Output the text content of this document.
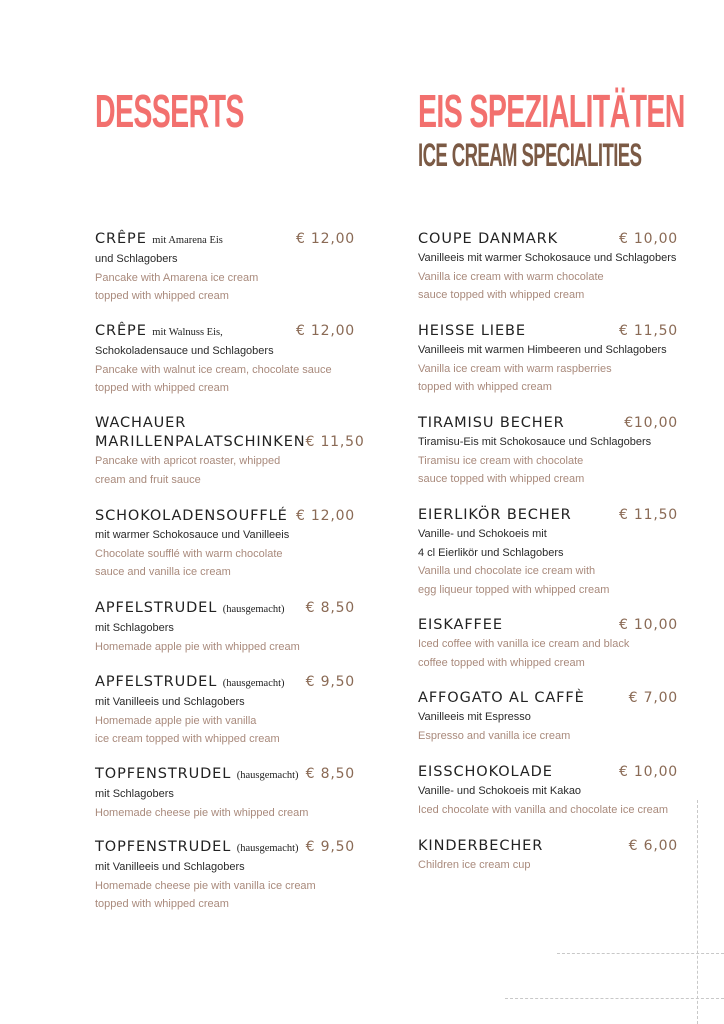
DESSERTS	EIS SPEZIALITÄTEN
ICE CREAM SPECIALITIES
CRÊPE mit Amarena Eis	€ 12,00
und Schlagobers
Pancake with Amarena ice cream
topped with whipped cream
CRÊPE mit Walnuss Eis,	€ 12,00
Schokoladensauce und Schlagobers
Pancake with walnut ice cream, chocolate sauce
topped with whipped cream
WACHAUER
MARILLENPALATSCHINKEN € 11,50
Pancake with apricot roaster, whipped
cream and fruit sauce
SCHOKOLADENSOUFFLÉ € 12,00
mit warmer Schokosauce und Vanilleeis
Chocolate soufflé with warm chocolate
sauce and vanilla ice cream
APFELSTRUDEL (hausgemacht) € 8,50
mit Schlagobers
Homemade apple pie with whipped cream
APFELSTRUDEL (hausgemacht) € 9,50
mit Vanilleeis und Schlagobers
Homemade apple pie with vanilla
ice cream topped with whipped cream
TOPFENSTRUDEL (hausgemacht) € 8,50
mit Schlagobers
Homemade cheese pie with whipped cream
TOPFENSTRUDEL (hausgemacht) € 9,50
mit Vanilleeis und Schlagobers
Homemade cheese pie with vanilla ice cream
topped with whipped cream
COUPE DANMARK	€ 10,00
Vanilleeis mit warmer Schokosauce und Schlagobers
Vanilla ice cream with warm chocolate
sauce topped with whipped cream
HEISSE LIEBE	€ 11,50
Vanilleeis mit warmen Himbeeren und Schlagobers
Vanilla ice cream with warm raspberries
topped with whipped cream
TIRAMISU BECHER	€10,00
Tiramisu-Eis mit Schokosauce und Schlagobers
Tiramisu ice cream with chocolate
sauce topped with whipped cream
EIERLIKÖR BECHER	€ 11,50
Vanille- und Schokoeis mit
4 cl Eierlikör und Schlagobers
Vanilla und chocolate ice cream with
egg liqueur topped with whipped cream
EISKAFFEE	€ 10,00
Iced coffee with vanilla ice cream and black
coffee topped with whipped cream
AFFOGATO AL CAFFÈ	€ 7,00
Vanilleeis mit Espresso
Espresso and vanilla ice cream
EISSCHOKOLADE	€ 10,00
Vanille- und Schokoeis mit Kakao
Iced chocolate with vanilla and chocolate ice cream
KINDERBECHER	€ 6,00
Children ice cream cup
